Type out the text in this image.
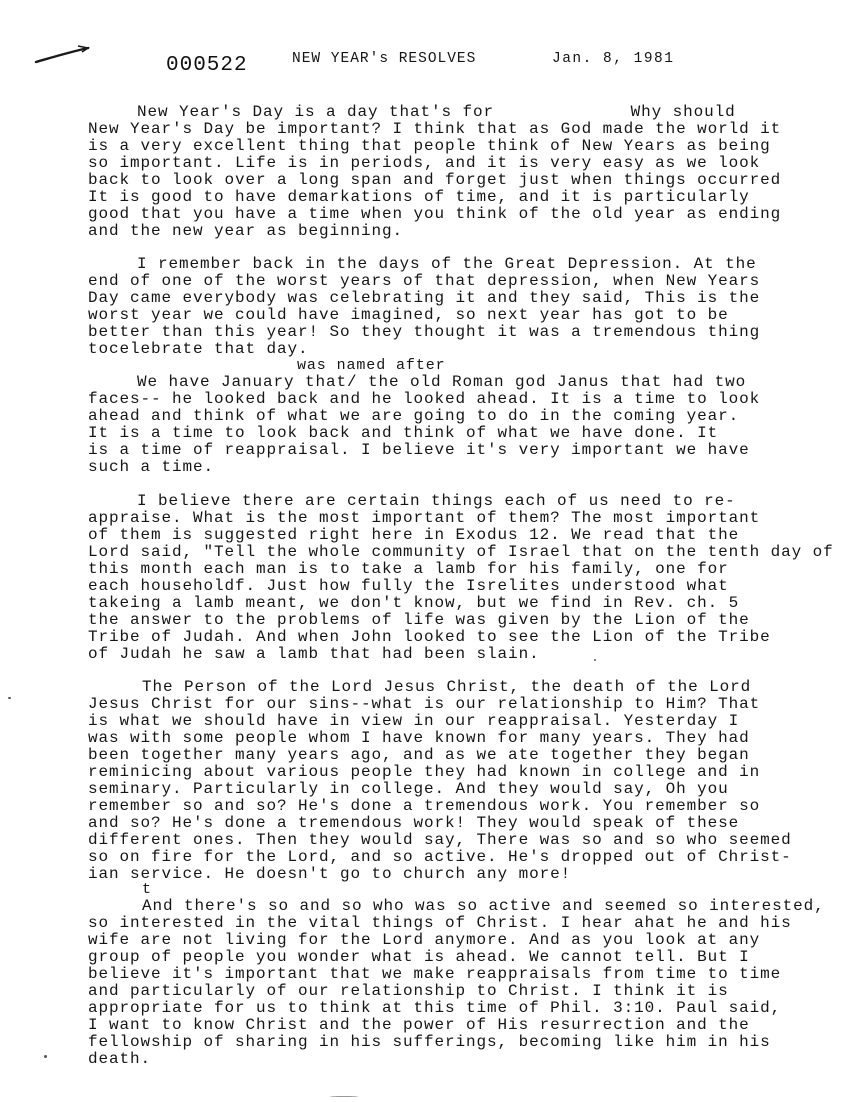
000522	NEW YEAR's RESOLVES	Jan. 8, 1981
New Year's Day is a day that's for             Why should
New Year's Day be important? I think that as God made the world it
is a very excellent thing that people think of New Years as being
so important. Life is in periods, and it is very easy as we look
back to look over a long span and forget just when things occurred
It is good to have demarkations of time, and it is particularly
good that you have a time when you think of the old year as ending
and the new year as beginning.
I remember back in the days of the Great Depression. At the
end of one of the worst years of that depression, when New Years
Day came everybody was celebrating it and they said, This is the
worst year we could have imagined, so next year has got to be
better than this year! So they thought it was a tremendous thing
tocelebrate that day.
was named after
We have January that/ the old Roman god Janus that had two
faces-- he looked back and he looked ahead. It is a time to look
ahead and think of what we are going to do in the coming year.
It is a time to look back and think of what we have done. It
is a time of reappraisal. I believe it's very important we have
such a time.
I believe there are certain things each of us need to re-
appraise. What is the most important of them? The most important
of them is suggested right here in Exodus 12. We read that the
Lord said, "Tell the whole community of Israel that on the tenth day of
this month each man is to take a lamb for his family, one for
each householdf. Just how fully the Isrelites understood what
takeing a lamb meant, we don't know, but we find in Rev. ch. 5
the answer to the problems of life was given by the Lion of the
Tribe of Judah. And when John looked to see the Lion of the Tribe
of Judah he saw a lamb that had been slain.
The Person of the Lord Jesus Christ, the death of the Lord
Jesus Christ for our sins--what is our relationship to Him? That
is what we should have in view in our reappraisal. Yesterday I
was with some people whom I have known for many years. They had
been together many years ago, and as we ate together they began
reminicing about various people they had known in college and in
seminary. Particularly in college. And they would say, Oh you
remember so and so? He's done a tremendous work. You remember so
and so? He's done a tremendous work! They would speak of these
different ones. Then they would say, There was so and so who seemed
so on fire for the Lord, and so active. He's dropped out of Christ-
ian service. He doesn't go to church any more!
t
And there's so and so who was so active and seemed so interested,
so interested in the vital things of Christ. I hear ahat he and his
wife are not living for the Lord anymore. And as you look at any
group of people you wonder what is ahead. We cannot tell. But I
believe it's important that we make reappraisals from time to time
and particularly of our relationship to Christ. I think it is
appropriate for us to think at this time of Phil. 3:10. Paul said,
I want to know Christ and the power of His resurrection and the
fellowship of sharing in his sufferings, becoming like him in his
death.
